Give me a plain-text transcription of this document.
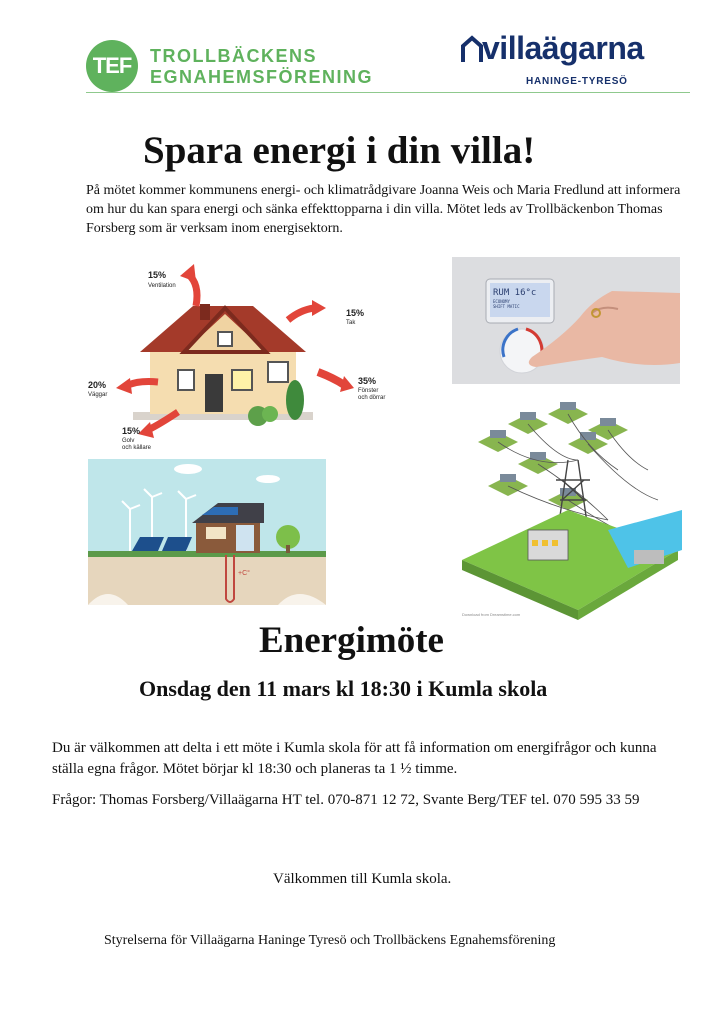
TEF	TROLLBÄCKENS
EGNAHEMSFÖRENING
villaägarna
HANINGE-TYRESÖ
Spara energi i din villa!

På mötet kommer kommunens energi- och klimatrådgivare Joanna Weis och Maria Fredlund att informera om hur du kan spara energi och sänka effekttopparna i din villa. Mötet leds av Trollbäckenbon Thomas Forsberg som är verksam inom energisektorn.

15%
Ventilation
15%
Tak
35%
Fönster
och dörrar
20%
Väggar
15%
Golv
och källare
RUM 16°c
ECONOMY
SHIFT MATIC
+C°
Download from Dreamstime.com
Energimöte

Onsdag den 11 mars kl 18:30 i Kumla skola

Du är välkommen att delta i ett möte i Kumla skola för att få information om energifrågor och kunna ställa egna frågor. Mötet börjar kl 18:30 och planeras ta 1 ½ timme.

Frågor: Thomas Forsberg/Villaägarna HT tel. 070-871 12 72, Svante Berg/TEF tel. 070 595 33 59

Välkommen till Kumla skola.

Styrelserna för Villaägarna Haninge Tyresö och Trollbäckens Egnahemsförening
